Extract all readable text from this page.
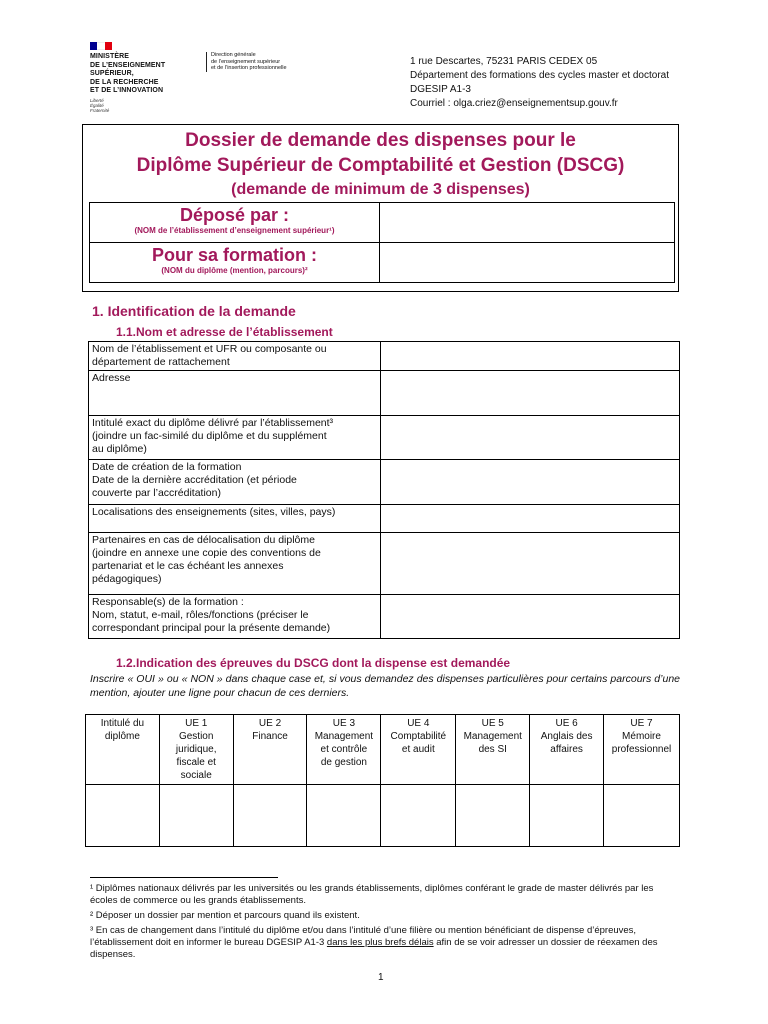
MINISTÈRE
DE L’ENSEIGNEMENT
SUPÉRIEUR,
DE LA RECHERCHE
ET DE L’INNOVATION
Liberté
Égalité
Fraternité
Direction générale
de l’enseignement supérieur
et de l’insertion professionnelle
1 rue Descartes, 75231 PARIS CEDEX 05
Département des formations des cycles master et doctorat
DGESIP A1-3
Courriel : olga.criez@enseignementsup.gouv.fr
Dossier de demande des dispenses pour le
Diplôme Supérieur de Comptabilité et Gestion (DSCG)
(demande de minimum de 3 dispenses)
Déposé par :
(NOM de l’établissement d’enseignement supérieur¹)	

Pour sa formation :
(NOM du diplôme (mention, parcours)²	

1. Identification de la demande
1.1.Nom et adresse de l’établissement
Nom de l’établissement et UFR ou composante ou
département de rattachement	

Adresse	

Intitulé exact du diplôme délivré par l’établissement³
(joindre un fac-similé du diplôme et du supplément
au diplôme)	

Date de création de la formation
Date de la dernière accréditation (et période
couverte par l’accréditation)	

Localisations des enseignements (sites, villes, pays)	

Partenaires en cas de délocalisation du diplôme
(joindre en annexe une copie des conventions de
partenariat et le cas échéant les annexes
pédagogiques)	

Responsable(s) de la formation :
Nom, statut, e-mail, rôles/fonctions (préciser le
correspondant principal pour la présente demande)	

1.2.Indication des épreuves du DSCG dont la dispense est demandée
Inscrire « OUI » ou « NON » dans chaque case et, si vous demandez des dispenses particulières pour certains parcours d’une mention, ajouter une ligne pour chacun de ces derniers.
Intitulé du
diplôme	UE 1
Gestion
juridique,
fiscale et
sociale	UE 2
Finance	UE 3
Management
et contrôle
de gestion	UE 4
Comptabilité
et audit	UE 5
Management
des SI	UE 6
Anglais des
affaires	UE 7
Mémoire
professionnel

¹ Diplômes nationaux délivrés par les universités ou les grands établissements, diplômes conférant le grade de master délivrés par les écoles de commerce ou les grands établissements.

² Déposer un dossier par mention et parcours quand ils existent.

³ En cas de changement dans l’intitulé du diplôme et/ou dans l’intitulé d’une filière ou mention bénéficiant de dispense d’épreuves, l’établissement doit en informer le bureau DGESIP A1-3 dans les plus brefs délais afin de se voir adresser un dossier de réexamen des dispenses.

1
